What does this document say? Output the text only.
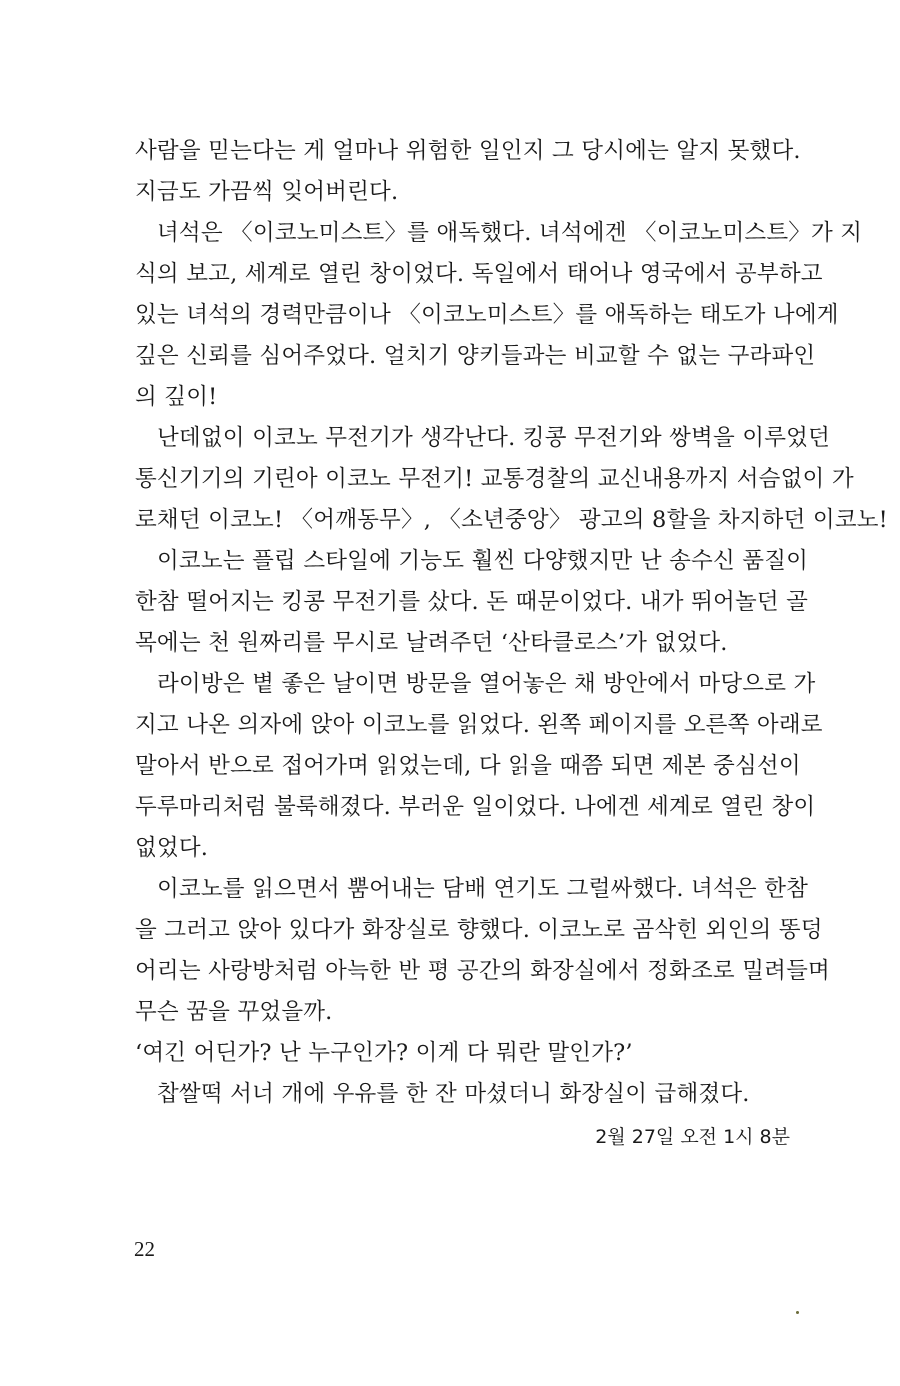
사람을 믿는다는 게 얼마나 위험한 일인지 그 당시에는 알지 못했다.
지금도 가끔씩 잊어버린다.
녀석은 〈이코노미스트〉를 애독했다. 녀석에겐 〈이코노미스트〉가 지
식의 보고, 세계로 열린 창이었다. 독일에서 태어나 영국에서 공부하고
있는 녀석의 경력만큼이나 〈이코노미스트〉를 애독하는 태도가 나에게
깊은 신뢰를 심어주었다. 얼치기 양키들과는 비교할 수 없는 구라파인
의 깊이!
난데없이 이코노 무전기가 생각난다. 킹콩 무전기와 쌍벽을 이루었던
통신기기의 기린아 이코노 무전기! 교통경찰의 교신내용까지 서슴없이 가
로채던 이코노! 〈어깨동무〉, 〈소년중앙〉 광고의 8할을 차지하던 이코노!
이코노는 플립 스타일에 기능도 훨씬 다양했지만 난 송수신 품질이
한참 떨어지는 킹콩 무전기를 샀다. 돈 때문이었다. 내가 뛰어놀던 골
목에는 천 원짜리를 무시로 날려주던 ‘산타클로스’가 없었다.
라이방은 볕 좋은 날이면 방문을 열어놓은 채 방안에서 마당으로 가
지고 나온 의자에 앉아 이코노를 읽었다. 왼쪽 페이지를 오른쪽 아래로
말아서 반으로 접어가며 읽었는데, 다 읽을 때쯤 되면 제본 중심선이
두루마리처럼 불룩해졌다. 부러운 일이었다. 나에겐 세계로 열린 창이
없었다.
이코노를 읽으면서 뿜어내는 담배 연기도 그럴싸했다. 녀석은 한참
을 그러고 앉아 있다가 화장실로 향했다. 이코노로 곰삭힌 외인의 똥덩
어리는 사랑방처럼 아늑한 반 평 공간의 화장실에서 정화조로 밀려들며
무슨 꿈을 꾸었을까.
‘여긴 어딘가? 난 누구인가? 이게 다 뭐란 말인가?’
찹쌀떡 서너 개에 우유를 한 잔 마셨더니 화장실이 급해졌다.
2월 27일 오전 1시 8분
22
